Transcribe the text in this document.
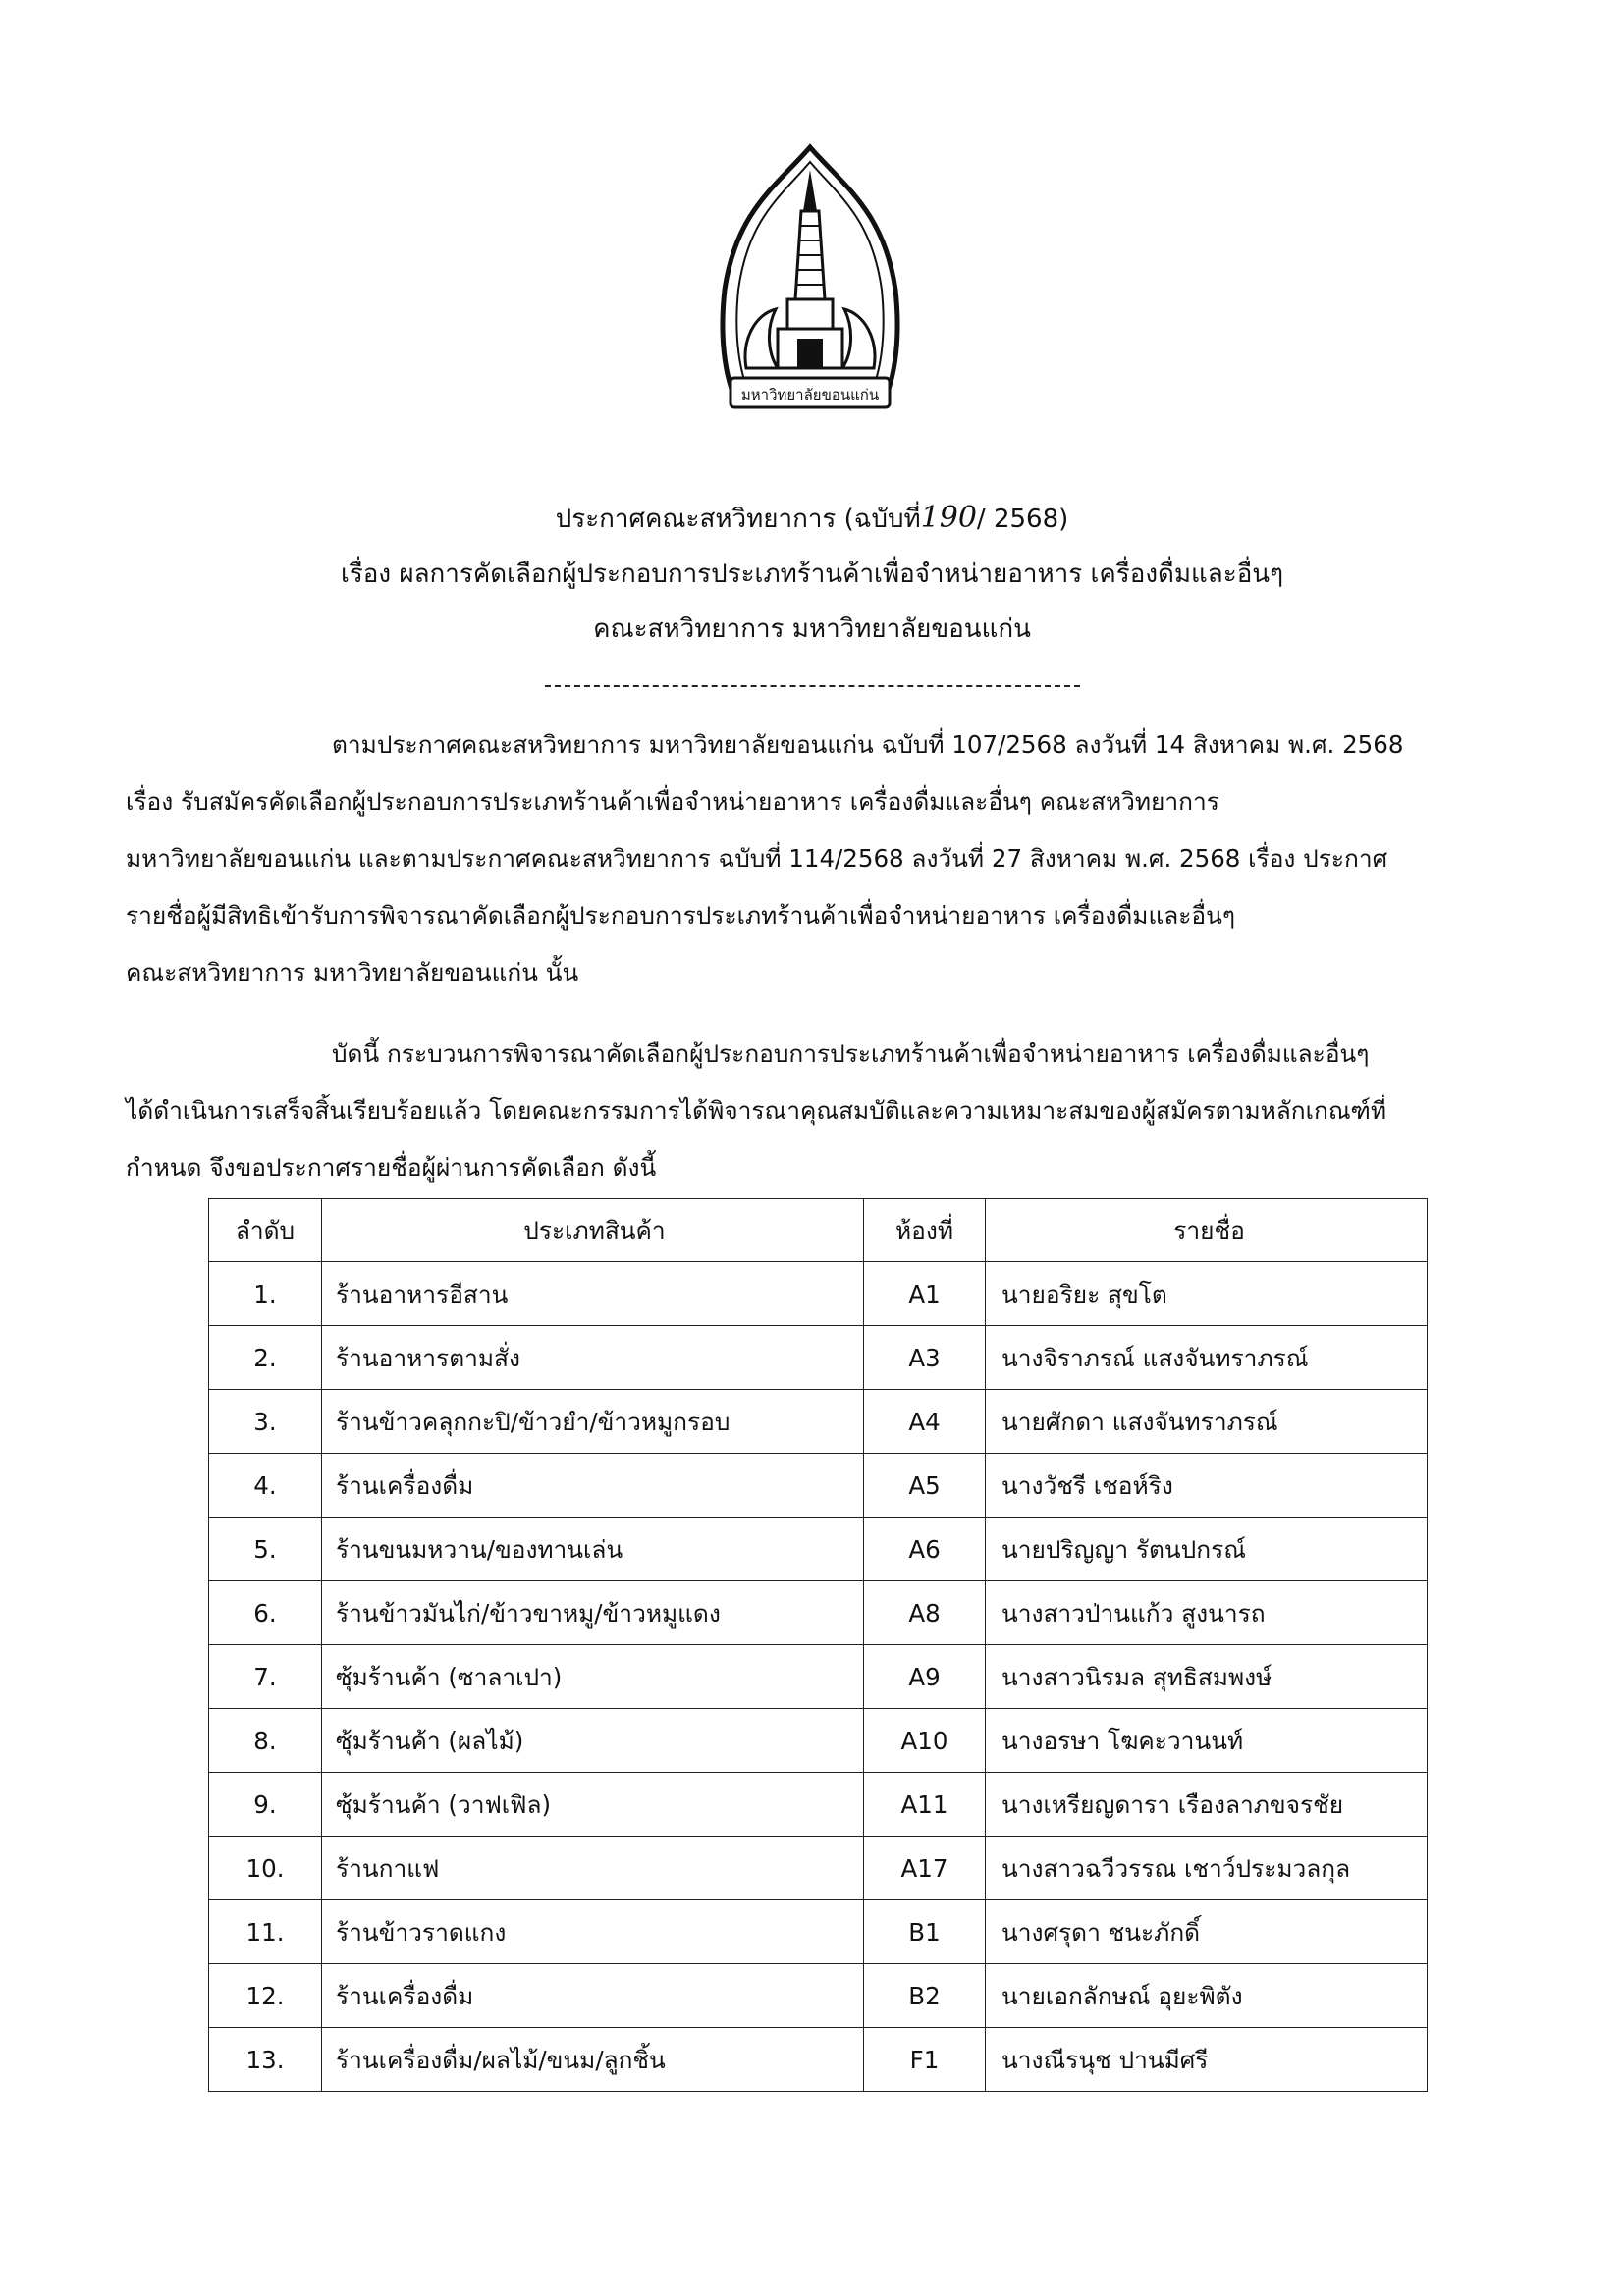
มหาวิทยาลัยขอนแก่น
ประกาศคณะสหวิทยาการ (ฉบับที่190/ 2568)
เรื่อง ผลการคัดเลือกผู้ประกอบการประเภทร้านค้าเพื่อจำหน่ายอาหาร เครื่องดื่มและอื่นๆ
คณะสหวิทยาการ มหาวิทยาลัยขอนแก่น
ตามประกาศคณะสหวิทยาการ มหาวิทยาลัยขอนแก่น ฉบับที่ 107/2568 ลงวันที่ 14 สิงหาคม พ.ศ. 2568
เรื่อง รับสมัครคัดเลือกผู้ประกอบการประเภทร้านค้าเพื่อจำหน่ายอาหาร เครื่องดื่มและอื่นๆ คณะสหวิทยาการ
มหาวิทยาลัยขอนแก่น และตามประกาศคณะสหวิทยาการ ฉบับที่ 114/2568 ลงวันที่ 27 สิงหาคม พ.ศ. 2568 เรื่อง ประกาศ
รายชื่อผู้มีสิทธิเข้ารับการพิจารณาคัดเลือกผู้ประกอบการประเภทร้านค้าเพื่อจำหน่ายอาหาร เครื่องดื่มและอื่นๆ
คณะสหวิทยาการ มหาวิทยาลัยขอนแก่น นั้น
บัดนี้ กระบวนการพิจารณาคัดเลือกผู้ประกอบการประเภทร้านค้าเพื่อจำหน่ายอาหาร เครื่องดื่มและอื่นๆ
ได้ดำเนินการเสร็จสิ้นเรียบร้อยแล้ว โดยคณะกรรมการได้พิจารณาคุณสมบัติและความเหมาะสมของผู้สมัครตามหลักเกณฑ์ที่
กำหนด จึงขอประกาศรายชื่อผู้ผ่านการคัดเลือก ดังนี้
ลำดับ	ประเภทสินค้า	ห้องที่	รายชื่อ
1.	ร้านอาหารอีสาน	A1	นายอริยะ สุขโต
2.	ร้านอาหารตามสั่ง	A3	นางจิราภรณ์ แสงจันทราภรณ์
3.	ร้านข้าวคลุกกะปิ/ข้าวยำ/ข้าวหมูกรอบ	A4	นายศักดา แสงจันทราภรณ์
4.	ร้านเครื่องดื่ม	A5	นางวัชรี เชอห์ริง
5.	ร้านขนมหวาน/ของทานเล่น	A6	นายปริญญา รัตนปกรณ์
6.	ร้านข้าวมันไก่/ข้าวขาหมู/ข้าวหมูแดง	A8	นางสาวป่านแก้ว สูงนารถ
7.	ซุ้มร้านค้า (ซาลาเปา)	A9	นางสาวนิรมล สุทธิสมพงษ์
8.	ซุ้มร้านค้า (ผลไม้)	A10	นางอรษา โฆคะวานนท์
9.	ซุ้มร้านค้า (วาฟเฟิล)	A11	นางเหรียญดารา เรืองลาภขจรชัย
10.	ร้านกาแฟ	A17	นางสาวฉวีวรรณ เชาว์ประมวลกุล
11.	ร้านข้าวราดแกง	B1	นางศรุดา ชนะภักดิ์
12.	ร้านเครื่องดื่ม	B2	นายเอกลักษณ์ อุยะพิตัง
13.	ร้านเครื่องดื่ม/ผลไม้/ขนม/ลูกชิ้น	F1	นางณีรนุช ปานมีศรี
